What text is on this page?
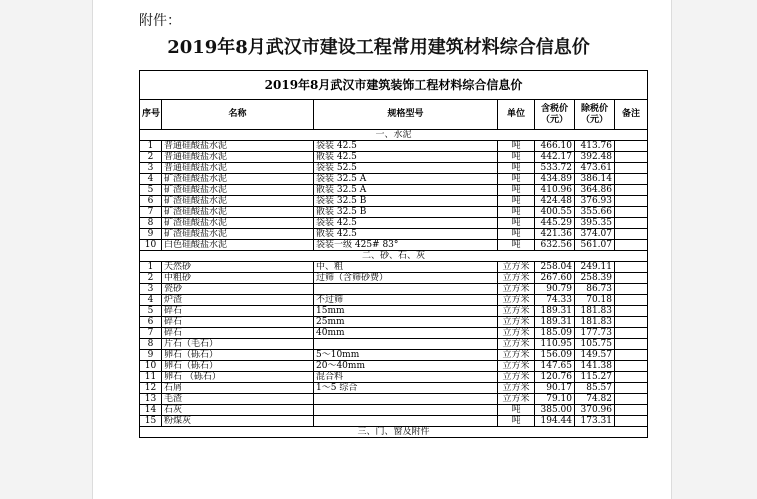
附件：
2019年8月武汉市建设工程常用建筑材料综合信息价
2019年8月武汉市建筑装饰工程材料综合信息价						
序号	名称	规格型号	单位	含税价（元）	除税价（元）	备注
一、水泥						
1	普通硅酸盐水泥	袋装 42.5	吨	466.10	413.76	
2	普通硅酸盐水泥	散装 42.5	吨	442.17	392.48	
3	普通硅酸盐水泥	袋装 52.5	吨	533.72	473.61	
4	矿渣硅酸盐水泥	袋装 32.5 A	吨	434.89	386.14	
5	矿渣硅酸盐水泥	散装 32.5 A	吨	410.96	364.86	
6	矿渣硅酸盐水泥	袋装 32.5 B	吨	424.48	376.93	
7	矿渣硅酸盐水泥	散装 32.5 B	吨	400.55	355.66	
8	矿渣硅酸盐水泥	袋装 42.5	吨	445.29	395.35	
9	矿渣硅酸盐水泥	散装 42.5	吨	421.36	374.07	
10	白色硅酸盐水泥	袋装一级 425# 83°	吨	632.56	561.07	
二、砂、石、灰						
1	天然砂	中、粗	立方米	258.04	249.11	
2	中粗砂	过筛（含筛砂费）	立方米	267.60	258.39	
3	瓷砂		立方米	90.79	86.73	
4	炉渣	不过筛	立方米	74.33	70.18	
5	碎石	15mm	立方米	189.31	181.83	
6	碎石	25mm	立方米	189.31	181.83	
7	碎石	40mm	立方米	185.09	177.73	
8	片石（毛石）		立方米	110.95	105.75	
9	卵石（砾石）	5～10mm	立方米	156.09	149.57	
10	卵石（砾石）	20～40mm	立方米	147.65	141.38	
11	卵石 （砾石）	混合料	立方米	120.76	115.27	
12	石屑	1～5 综合	立方米	90.17	85.57	
13	毛渣		立方米	79.10	74.82	
14	石灰		吨	385.00	370.96	
15	粉煤灰		吨	194.44	173.31	
三、门、窗及附件						
